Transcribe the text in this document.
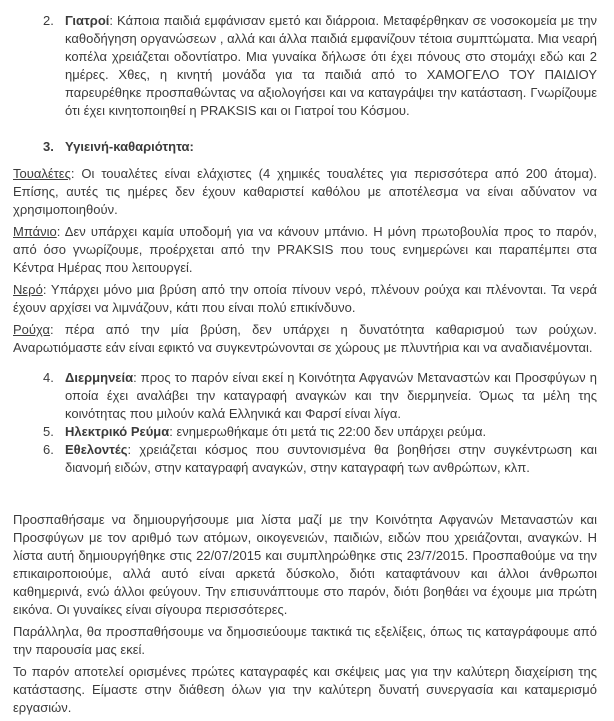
2. Γιατροί: Κάποια παιδιά εμφάνισαν εμετό και διάρροια. Μεταφέρθηκαν σε νοσοκομεία με την καθοδήγηση οργανώσεων , αλλά και άλλα παιδιά εμφανίζουν τέτοια συμπτώματα. Μια νεαρή κοπέλα χρειάζεται οδοντίατρο. Μια γυναίκα δήλωσε ότι έχει πόνους στο στομάχι εδώ και 2 ημέρες. Χθες, η κινητή μονάδα για τα παιδιά από το ΧΑΜΟΓΕΛΟ ΤΟΥ ΠΑΙΔΙΟΥ παρευρέθηκε προσπαθώντας να αξιολογήσει και να καταγράψει την κατάσταση. Γνωρίζουμε ότι έχει κινητοποιηθεί η PRAKSIS και οι Γιατροί του Κόσμου.
3. Υγιεινή-καθαριότητα:

Τουαλέτες: Οι τουαλέτες είναι ελάχιστες (4 χημικές τουαλέτες για περισσότερα από 200 άτομα). Επίσης, αυτές τις ημέρες δεν έχουν καθαριστεί καθόλου με αποτέλεσμα να είναι αδύνατον να χρησιμοποιηθούν.

Μπάνιο: Δεν υπάρχει καμία υποδομή για να κάνουν μπάνιο. Η μόνη πρωτοβουλία προς το παρόν, από όσο γνωρίζουμε, προέρχεται από την PRAKSIS που τους ενημερώνει και παραπέμπει στα Κέντρα Ημέρας που λειτουργεί.

Νερό: Υπάρχει μόνο μια βρύση από την οποία πίνουν νερό, πλένουν ρούχα και πλένονται. Τα νερά έχουν αρχίσει να λιμνάζουν, κάτι που είναι πολύ επικίνδυνο.

Ρούχα: πέρα από την μία βρύση, δεν υπάρχει η δυνατότητα καθαρισμού των ρούχων. Αναρωτιόμαστε εάν είναι εφικτό να συγκεντρώνονται σε χώρους με πλυντήρια και να αναδιανέμονται.

4. Διερμηνεία: προς το παρόν είναι εκεί η Κοινότητα Αφγανών Μεταναστών και Προσφύγων η οποία έχει αναλάβει την καταγραφή αναγκών και την διερμηνεία. Όμως τα μέλη της κοινότητας που μιλούν καλά Ελληνικά και Φαρσί είναι λίγα.
5. Ηλεκτρικό Ρεύμα: ενημερωθήκαμε ότι μετά τις 22:00 δεν υπάρχει ρεύμα.
6. Εθελοντές: χρειάζεται κόσμος που συντονισμένα θα βοηθήσει στην συγκέντρωση και διανομή ειδών, στην καταγραφή αναγκών, στην καταγραφή των ανθρώπων, κλπ.

Προσπαθήσαμε να δημιουργήσουμε μια λίστα μαζί με την Κοινότητα Αφγανών Μεταναστών και Προσφύγων με τον αριθμό των ατόμων, οικογενειών, παιδιών, ειδών που χρειάζονται, αναγκών. Η λίστα αυτή δημιουργήθηκε στις 22/07/2015 και συμπληρώθηκε στις 23/7/2015. Προσπαθούμε να την επικαιροποιούμε, αλλά αυτό είναι αρκετά δύσκολο, διότι καταφτάνουν και άλλοι άνθρωποι καθημερινά, ενώ άλλοι φεύγουν. Την επισυνάπτουμε στο παρόν, διότι βοηθάει να έχουμε μια πρώτη εικόνα. Οι γυναίκες είναι σίγουρα περισσότερες.

Παράλληλα, θα προσπαθήσουμε να δημοσιεύουμε τακτικά τις εξελίξεις, όπως τις καταγράφουμε από την παρουσία μας εκεί.

Το παρόν αποτελεί ορισμένες πρώτες καταγραφές και σκέψεις μας για την καλύτερη διαχείριση της κατάστασης. Είμαστε στην διάθεση όλων για την καλύτερη δυνατή συνεργασία και καταμερισμό εργασιών.
